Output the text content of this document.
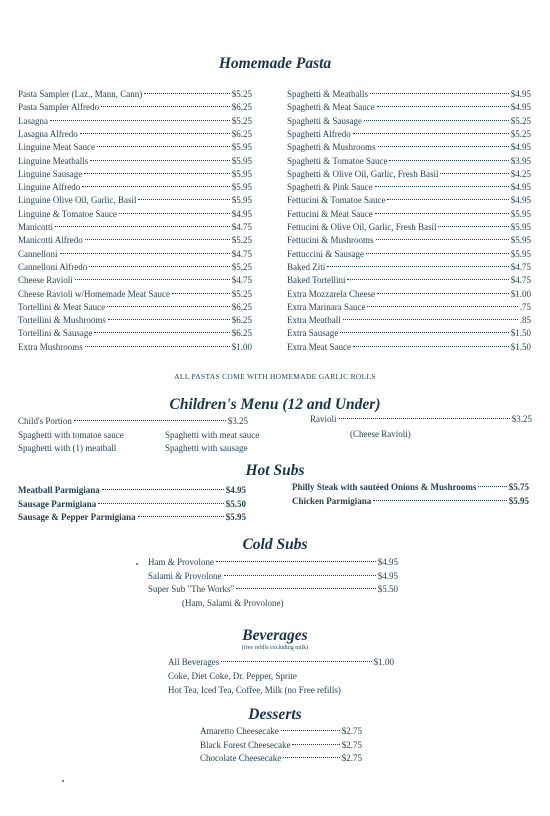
Homemade Pasta
Pasta Sampler (Laz., Mann, Cann)	$5.25
Pasta Sampler Alfredo	$6.25
Lasagna	$5.25
Lasagna Alfredo	$6.25
Linguine Meat Sauce	$5.95
Linguine Meatballs	$5.95
Linguine Sausage	$5.95
Linguine Alfredo	$5.95
Linguine Olive Oil, Garlic, Basil	$5.95
Linguine & Tomatoe Sauce	$4.95
Manicotti	$4.75
Manicotti Alfredo	$5.25
Cannelloni	$4.75
Cannelloni Alfredo	$5.25
Cheese Ravioli	$4.75
Cheese Ravioli w/Homemade Meat Sauce	$5.25
Tortellini & Meat Sauce	$6.25
Tortellini & Mushrooms	$6.25
Tortellini & Sausage	$6.25
Extra Mushrooms	$1.00
Spaghetti & Meatballs	$4.95
Spaghetti & Meat Sauce	$4.95
Spaghetti & Sausage	$5.25
Spaghetti Alfredo	$5.25
Spaghetti & Mushrooms	$4.95
Spaghetti & Tomatoe Sauce	$3.95
Spaghetti & Olive Oil, Garlic, Fresh Basil	$4.25
Spaghetti & Pink Sauce	$4.95
Fettucini & Tomatoe Sauce	$4.95
Fettucini & Meat Sauce	$5.95
Fettucini & Olive Oil, Garlic, Fresh Basil	$5.95
Fettucini & Mushrooms	$5.95
Fettuccini & Sausage	$5.95
Baked Ziti	$4.75
Baked Tortellini	$4.75
Extra Mozzarela Cheese	$1.00
Extra Marinara Sauce	.75
Extra Meatball	.85
Extra Sausage	$1.50
Extra Meat Sauce	$1.50
ALL PASTAS COME WITH HOMEMADE GARLIC ROLLS
Children's Menu (12 and Under)
Child's Portion	$3.25	Ravioli	$3.25
(Cheese Ravioli)
Spaghetti with tomatoe sauce	Spaghetti with meat sauce
Spaghetti with (1) meatball	Spaghetti with sausage
Hot Subs
Meatball Parmigiana	$4.95
Sausage Parmigiana	$5.50
Sausage & Pepper Parmigiana	$5.95
Philly Steak with sautéed Onions & Mushrooms	$5.75
Chicken Parmigiana	$5.95
Cold Subs
Ham & Provolone	$4.95
Salami & Provolone	$4.95
Super Sub "The Works"	$5.50
(Ham, Salami & Provolone)
Beverages
(free refills excluding milk)
All Beverages	$1.00
Coke, Diet Coke, Dr. Pepper, Sprite
Hot Tea, Iced Tea, Coffee, Milk (no Free refills)
Desserts
Amaretto Cheesecake	$2.75
Black Forest Cheesecake	$2.75
Chocolate Cheesecake	$2.75
